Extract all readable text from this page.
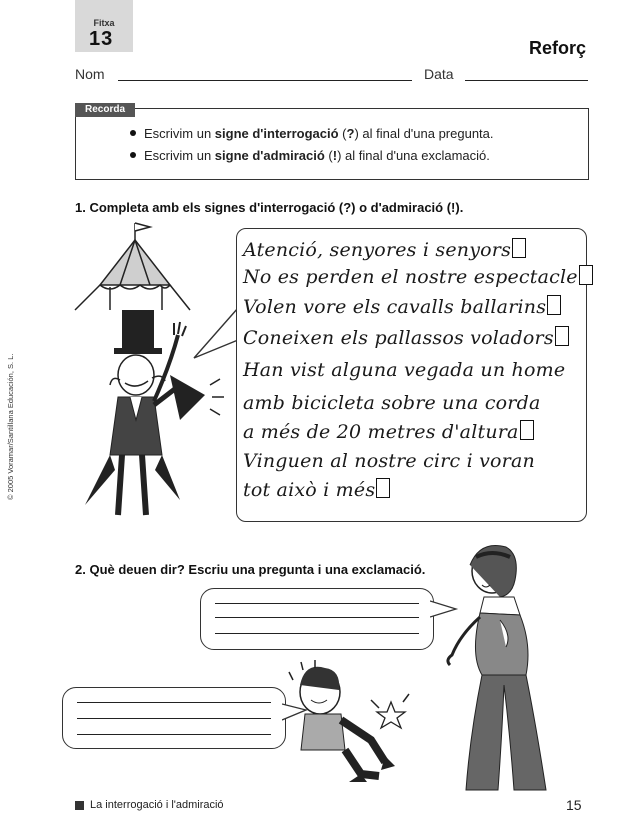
Fitxa
13	Reforç
Nom	Data
Recorda
Escrivim un signe d'interrogació (?) al final d'una pregunta.
Escrivim un signe d'admiració (!) al final d'una exclamació.
1. Completa amb els signes d'interrogació (?) o d'admiració (!).
© 2005 Voramar/Santillana Educación, S. L.
Atenció, senyores i senyors
No es perden el nostre espectacle
Volen vore els cavalls ballarins
Coneixen els pallassos voladors
Han vist alguna vegada un home
amb bicicleta sobre una corda
a més de 20 metres d'altura
Vinguen al nostre circ i voran
tot això i més
2. Què deuen dir? Escriu una pregunta i una exclamació.
La interrogació i l'admiració	15
